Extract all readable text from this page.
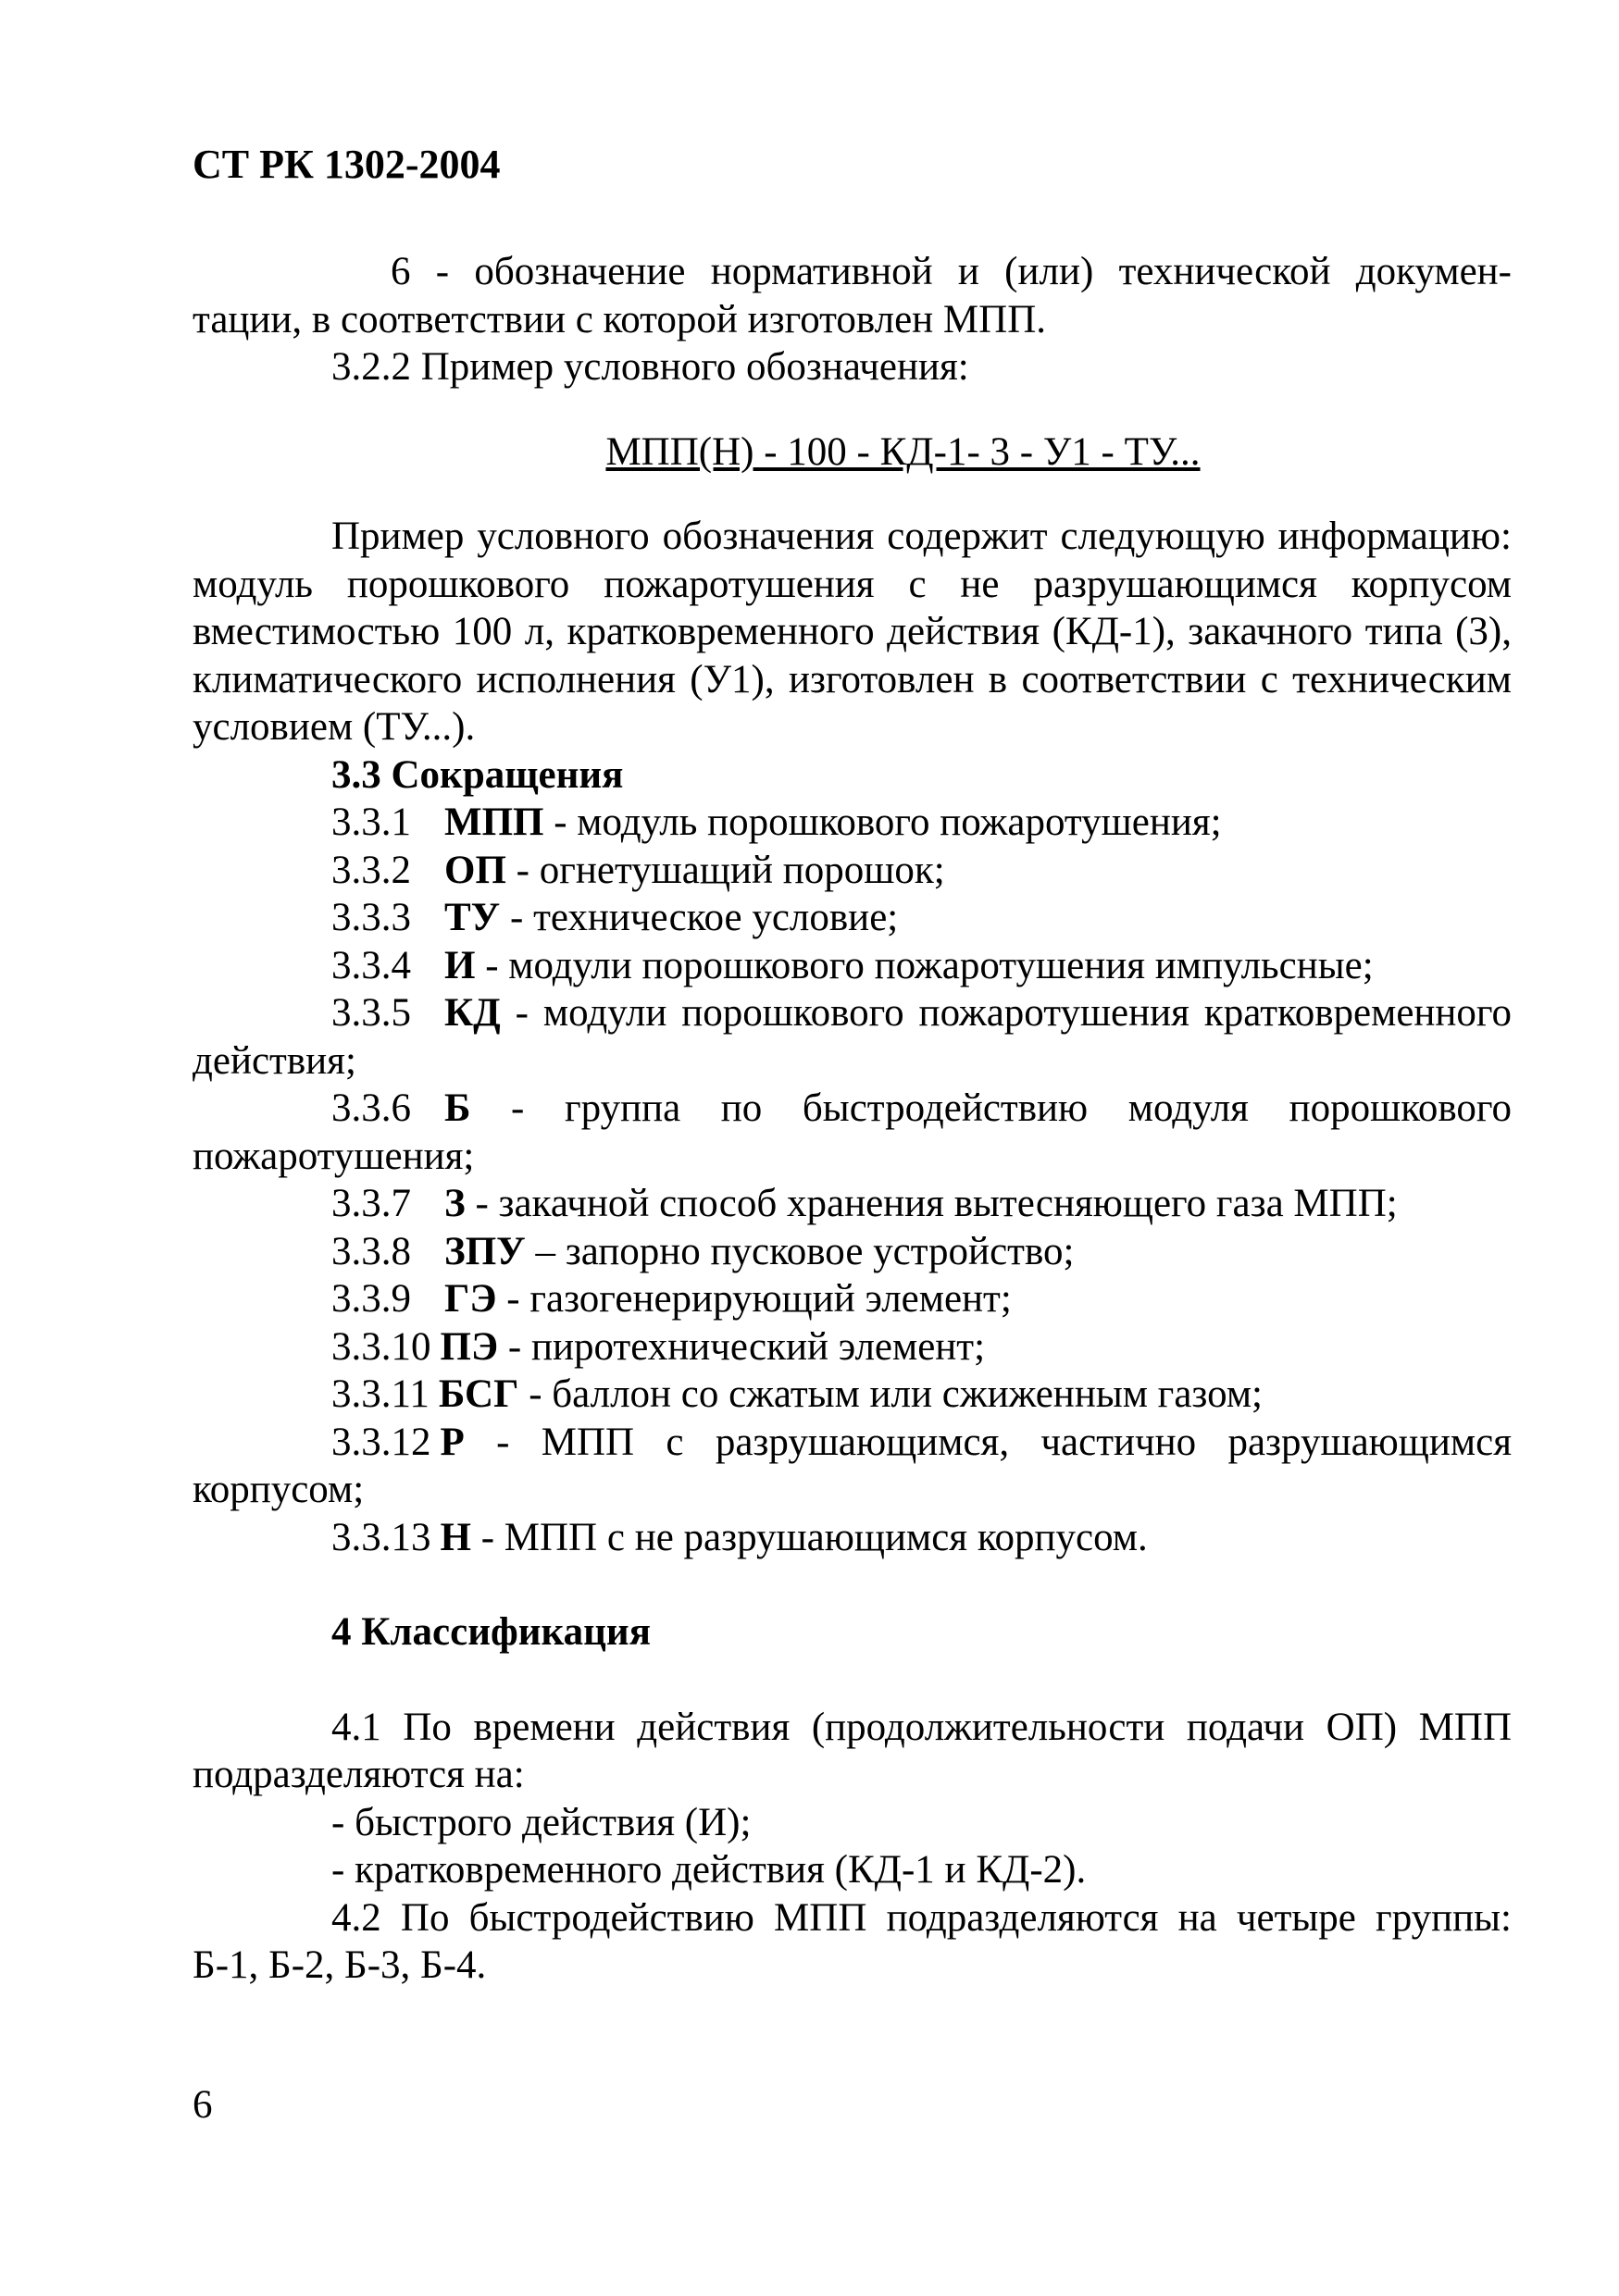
СТ РК 1302-2004

6 - обозначение нормативной и (или) технической докумен-

тации, в соответствии с которой изготовлен МПП.

3.2.2 Пример условного обозначения:

МПП(Н) - 100 - КД-1- 3 - У1 - ТУ...

Пример условного обозначения содержит следующую информацию: модуль порошкового пожаротушения с не разрушающимся корпусом вместимостью 100 л, кратковременного действия (КД-1), закачного типа (3), климатического исполнения (У1), изготовлен в соответствии с техническим условием (ТУ...).

3.3 Сокращения

3.3.1 МПП - модуль порошкового пожаротушения;

3.3.2 ОП - огнетушащий порошок;

3.3.3 ТУ - техническое условие;

3.3.4 И - модули порошкового пожаротушения импульсные;

3.3.5 КД - модули порошкового пожаротушения кратковременного действия;

3.3.6 Б - группа по быстродействию модуля порошкового пожаротушения;

3.3.7 З - закачной способ хранения вытесняющего газа МПП;

3.3.8 ЗПУ – запорно пусковое устройство;

3.3.9 ГЭ - газогенерирующий элемент;

3.3.10 ПЭ - пиротехнический элемент;

3.3.11 БСГ - баллон со сжатым или сжиженным газом;

3.3.12 Р - МПП с разрушающимся, частично разрушающимся корпусом;

3.3.13 Н - МПП с не разрушающимся корпусом.

4 Классификация

4.1 По времени действия (продолжительности подачи ОП) МПП подразделяются на:

- быстрого действия (И);

- кратковременного действия (КД-1 и КД-2).

4.2 По быстродействию МПП подразделяются на четыре группы: Б-1, Б-2, Б-3, Б-4.

6
